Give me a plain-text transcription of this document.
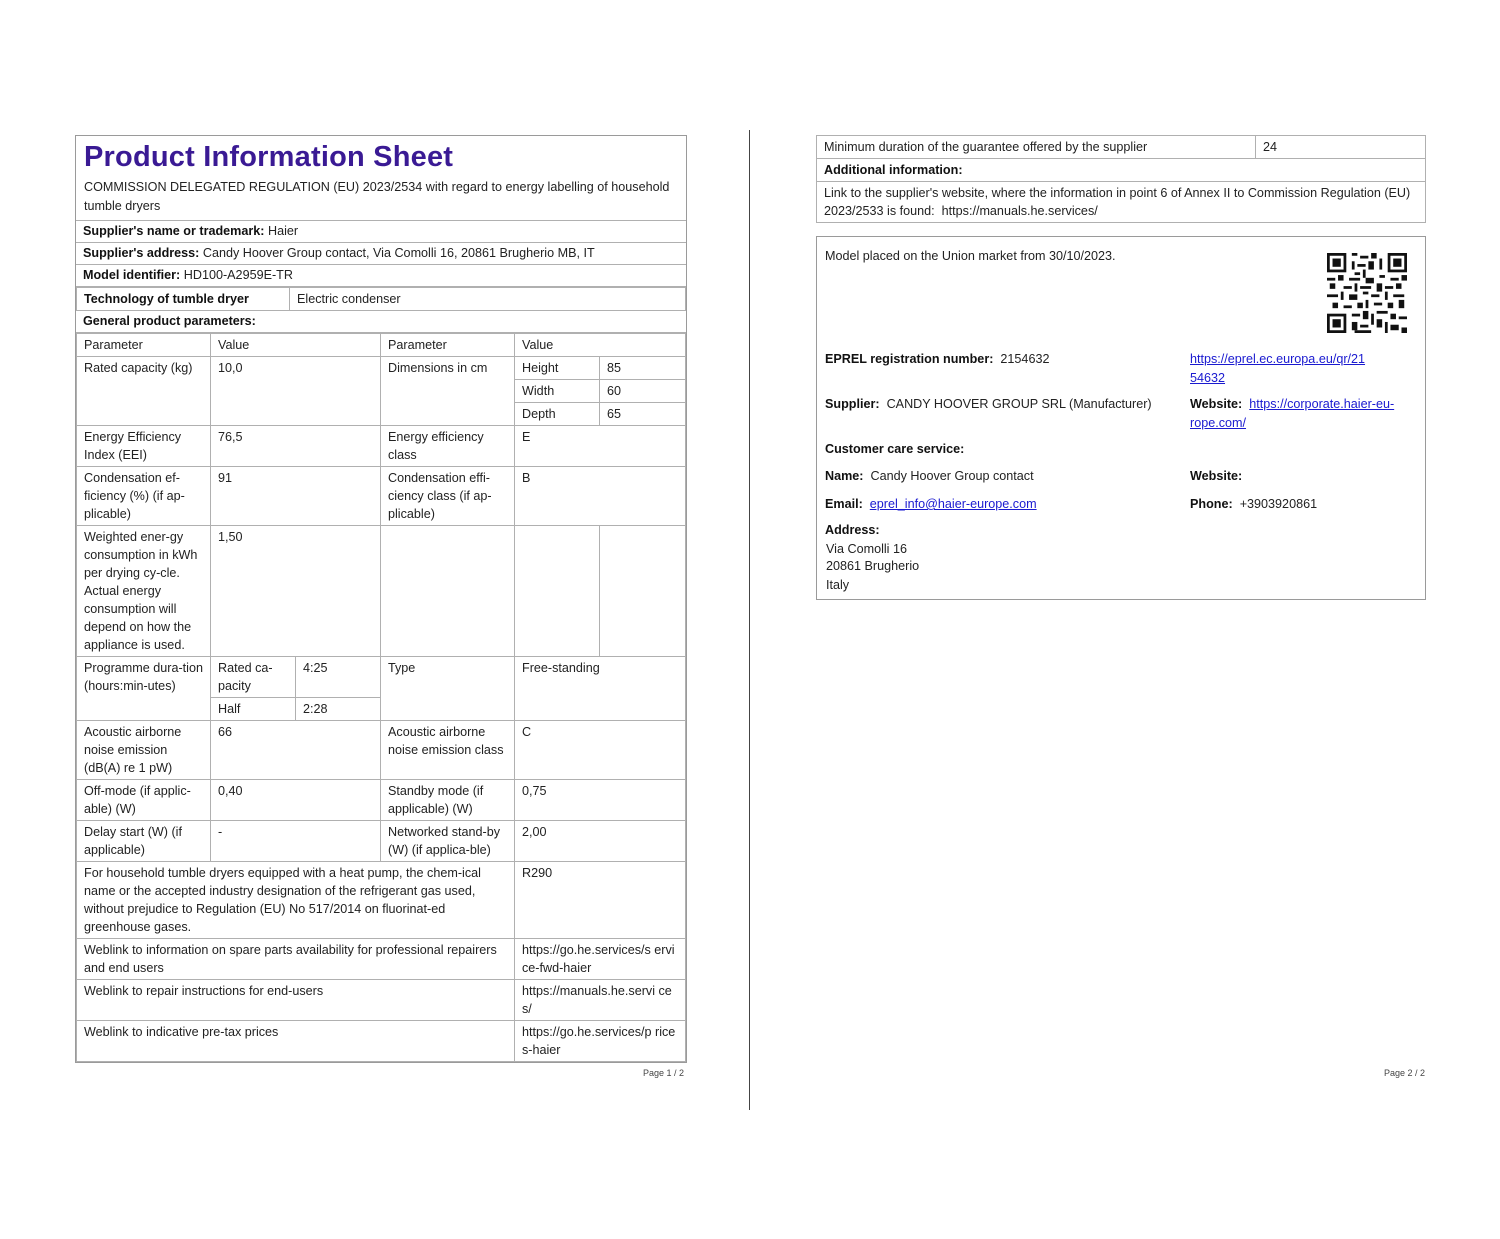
Product Information Sheet
COMMISSION DELEGATED REGULATION (EU) 2023/2534 with regard to energy labelling of household tumble dryers
Supplier's name or trademark: Haier
Supplier's address: Candy Hoover Group contact, Via Comolli 16, 20861 Brugherio MB, IT
Model identifier: HD100-A2959E-TR
Technology of tumble dryer	Electric condenser
General product parameters:
Parameter	Value		Parameter	Value	
Rated capacity (kg)	10,0		Dimensions in cm	Height	85
				Width	60
				Depth	65
Energy Efficiency Index (EEI)	76,5		Energy efficiency class	E	
Condensation ef-ficiency (%) (if ap-plicable)	91		Condensation effi-ciency class (if ap-plicable)	B	
Weighted ener-gy consumption in kWh per drying cy-cle. Actual energy consumption will depend on how the appliance is used.	1,50				
Programme dura-tion (hours:min-utes)	Rated ca-pacity	4:25	Type	Free-standing	
	Half	2:28			
Acoustic airborne noise emission (dB(A) re 1 pW)	66		Acoustic airborne noise emission class	C	
Off-mode (if applic-able) (W)	0,40		Standby mode (if applicable) (W)	0,75	
Delay start (W) (if applicable)	-		Networked stand-by (W) (if applica-ble)	2,00	
For household tumble dryers equipped with a heat pump, the chem-ical name or the accepted industry designation of the refrigerant gas used, without prejudice to Regulation (EU) No 517/2014 on fluorinat-ed greenhouse gases.				R290	
Weblink to information on spare parts availability for professional repairers and end users				https://go.he.services/s ervice-fwd-haier	
Weblink to repair instructions for end-users				https://manuals.he.servi ces/	
Weblink to indicative pre-tax prices				https://go.he.services/p rices-haier	
Page 1 / 2
Minimum duration of the guarantee offered by the supplier	24
Additional information:
Link to the supplier's website, where the information in point 6 of Annex II to Commission Regulation (EU) 2023/2533 is found: https://manuals.he.services/
Model placed on the Union market from 30/10/2023.
EPREL registration number: 2154632	https://eprel.ec.europa.eu/qr/21
54632
Supplier: CANDY HOOVER GROUP SRL (Manufacturer)	Website: https://corporate.haier-eu-
rope.com/
Customer care service:
Name: Candy Hoover Group contact	Website:
Email: eprel_info@haier-europe.com	Phone: +3903920861
Address:
Via Comolli 16
20861 Brugherio
Italy
Page 2 / 2
